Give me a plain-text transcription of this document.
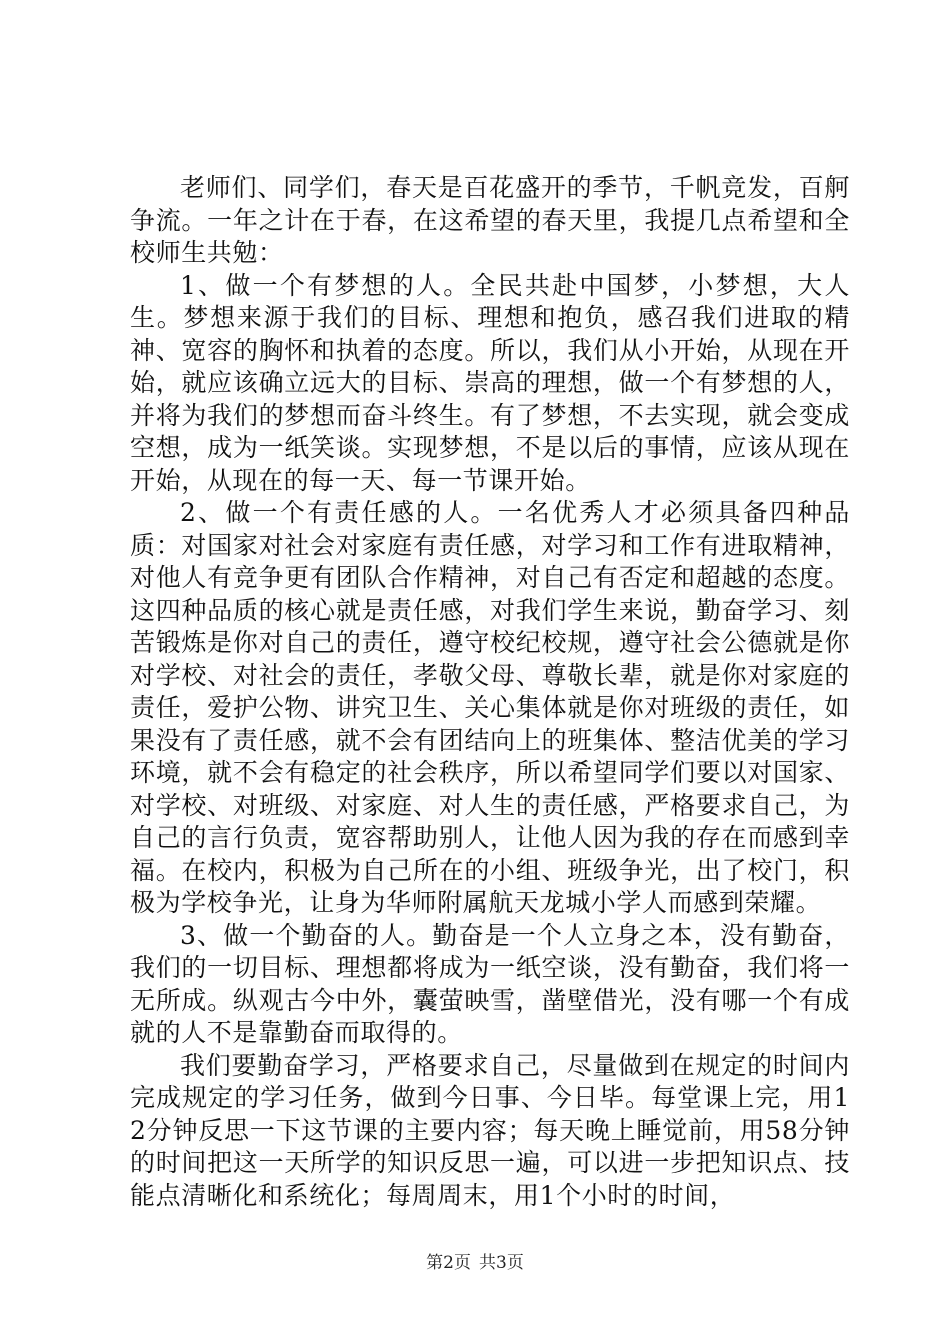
老师们、同学们，春天是百花盛开的季节，千帆竞发，百舸争流。一年之计在于春，在这希望的春天里，我提几点希望和全校师生共勉：

1、做一个有梦想的人。全民共赴中国梦，小梦想，大人生。梦想来源于我们的目标、理想和抱负，感召我们进取的精神、宽容的胸怀和执着的态度。所以，我们从小开始，从现在开始，就应该确立远大的目标、崇高的理想，做一个有梦想的人，并将为我们的梦想而奋斗终生。有了梦想，不去实现，就会变成空想，成为一纸笑谈。实现梦想，不是以后的事情，应该从现在开始，从现在的每一天、每一节课开始。

2、做一个有责任感的人。一名优秀人才必须具备四种品质：对国家对社会对家庭有责任感，对学习和工作有进取精神，对他人有竞争更有团队合作精神，对自己有否定和超越的态度。这四种品质的核心就是责任感，对我们学生来说，勤奋学习、刻苦锻炼是你对自己的责任，遵守校纪校规，遵守社会公德就是你对学校、对社会的责任，孝敬父母、尊敬长辈，就是你对家庭的责任，爱护公物、讲究卫生、关心集体就是你对班级的责任，如果没有了责任感，就不会有团结向上的班集体、整洁优美的学习环境，就不会有稳定的社会秩序，所以希望同学们要以对国家、对学校、对班级、对家庭、对人生的责任感，严格要求自己，为自己的言行负责，宽容帮助别人，让他人因为我的存在而感到幸福。在校内，积极为自己所在的小组、班级争光，出了校门，积极为学校争光，让身为华师附属航天龙城小学人而感到荣耀。

3、做一个勤奋的人。勤奋是一个人立身之本，没有勤奋，我们的一切目标、理想都将成为一纸空谈，没有勤奋，我们将一无所成。纵观古今中外，囊萤映雪，凿壁借光，没有哪一个有成就的人不是靠勤奋而取得的。

我们要勤奋学习，严格要求自己，尽量做到在规定的时间内完成规定的学习任务，做到今日事、今日毕。每堂课上完，用12分钟反思一下这节课的主要内容；每天晚上睡觉前，用58分钟的时间把这一天所学的知识反思一遍，可以进一步把知识点、技能点清晰化和系统化；每周周末，用1个小时的时间，

第2页 共3页
